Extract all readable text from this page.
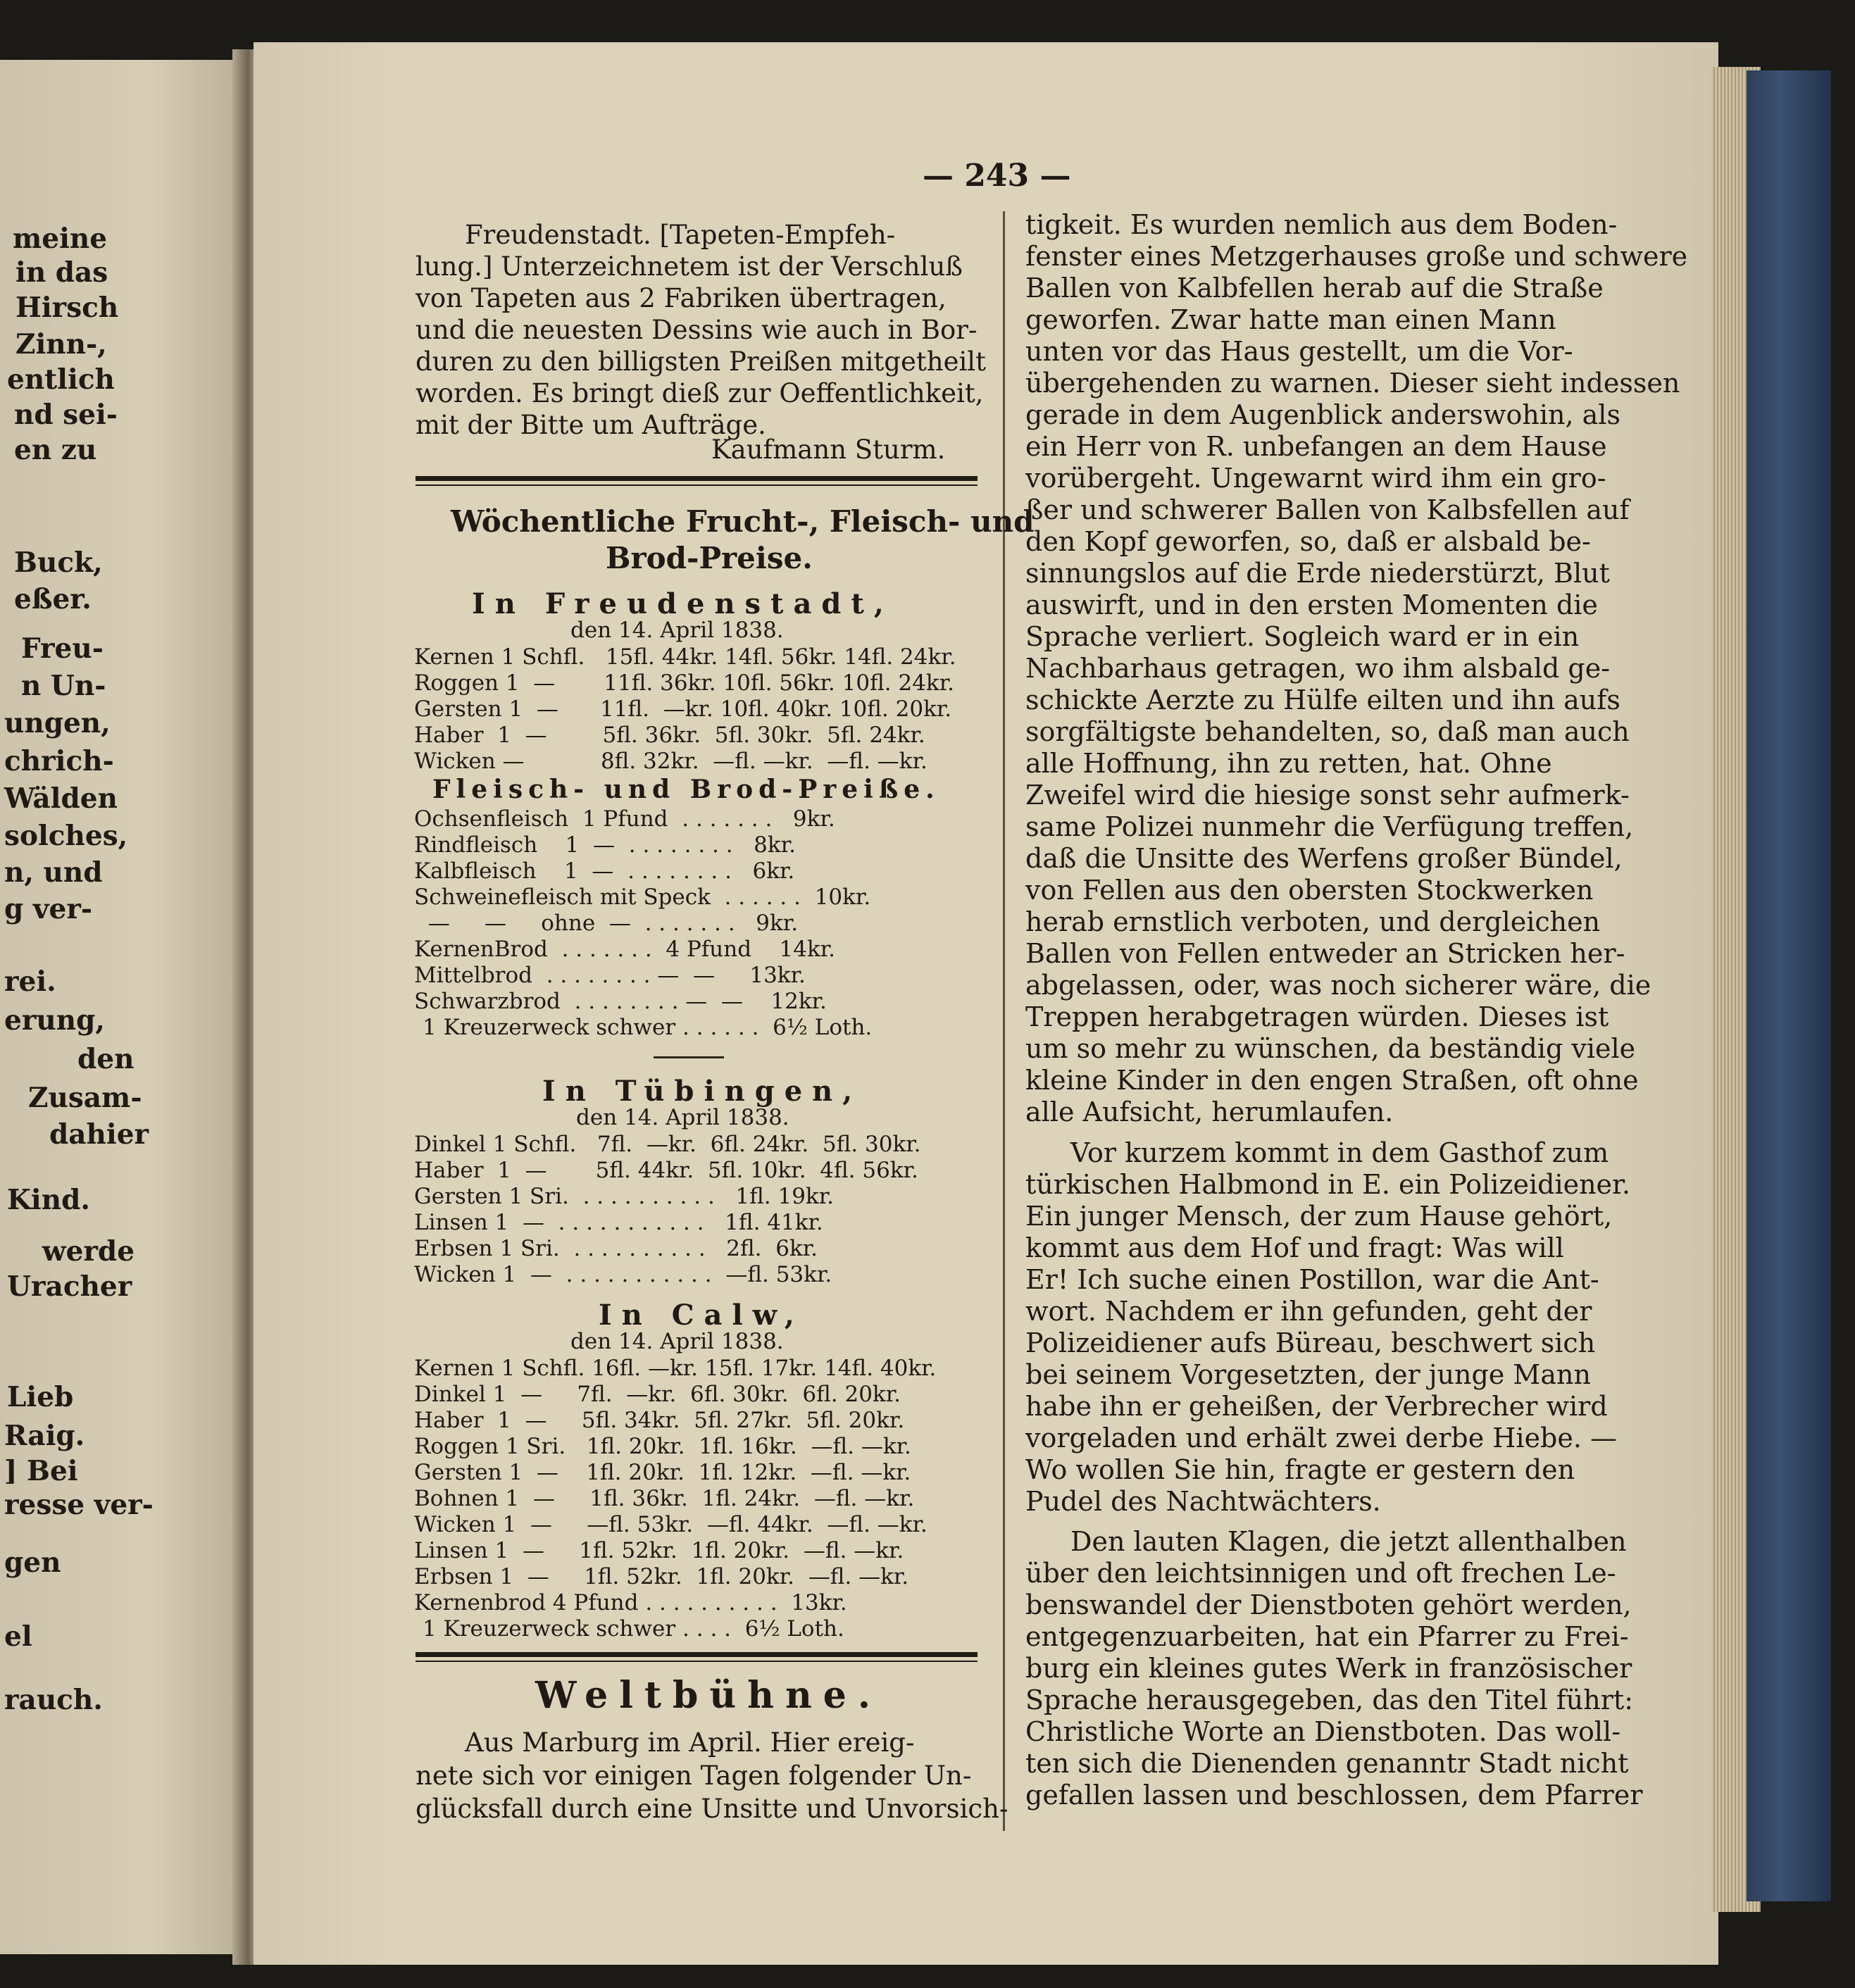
meine
in das
Hirsch
Zinn-,
entlich
nd sei-
en zu
Buck,
eßer.
Freu-
n Un-
ungen,
chrich-
Wälden
solches,
n, und
g ver-
rei.
erung,
den
Zusam-
dahier
Kind.
werde
Uracher
Lieb
Raig.
] Bei
resse ver-
gen
el
rauch.
— 243 —
Freudenstadt. [Tapeten-Empfeh-
lung.] Unterzeichnetem ist der Verschluß
von Tapeten aus 2 Fabriken übertragen,
und die neuesten Dessins wie auch in Bor-
duren zu den billigsten Preißen mitgetheilt
worden. Es bringt dieß zur Oeffentlichkeit,
mit der Bitte um Aufträge.
Kaufmann Sturm.
Wöchentliche Frucht-, Fleisch- und
Brod-Preise.
In Freudenstadt,
den 14. April 1838.
Kernen 1 Schfl.   15fl. 44kr. 14fl. 56kr. 14fl. 24kr.
Roggen 1  —       11fl. 36kr. 10fl. 56kr. 10fl. 24kr.
Gersten 1  —      11fl.  —kr. 10fl. 40kr. 10fl. 20kr.
Haber  1  —        5fl. 36kr.  5fl. 30kr.  5fl. 24kr.
Wicken —           8fl. 32kr.  —fl. —kr.  —fl. —kr.
Fleisch- und Brod-Preiße.
Ochsenfleisch  1 Pfund  . . . . . . .   9kr.
Rindfleisch    1  —  . . . . . . . .   8kr.
Kalbfleisch    1  —  . . . . . . . .   6kr.
Schweinefleisch mit Speck  . . . . . .  10kr.
—     —     ohne  —  . . . . . . .   9kr.
KernenBrod  . . . . . . .  4 Pfund    14kr.
Mittelbrod  . . . . . . . . —  —     13kr.
Schwarzbrod  . . . . . . . . —  —    12kr.
1 Kreuzerweck schwer . . . . . .  6½ Loth.
In Tübingen,
den 14. April 1838.
Dinkel 1 Schfl.   7fl.  —kr.  6fl. 24kr.  5fl. 30kr.
Haber  1  —       5fl. 44kr.  5fl. 10kr.  4fl. 56kr.
Gersten 1 Sri.  . . . . . . . . . .   1fl. 19kr.
Linsen 1  —  . . . . . . . . . . .   1fl. 41kr.
Erbsen 1 Sri.  . . . . . . . . . .   2fl.  6kr.
Wicken 1  —  . . . . . . . . . . .  —fl. 53kr.
In Calw,
den 14. April 1838.
Kernen 1 Schfl. 16fl. —kr. 15fl. 17kr. 14fl. 40kr.
Dinkel 1  —     7fl.  —kr.  6fl. 30kr.  6fl. 20kr.
Haber  1  —     5fl. 34kr.  5fl. 27kr.  5fl. 20kr.
Roggen 1 Sri.   1fl. 20kr.  1fl. 16kr.  —fl. —kr.
Gersten 1  —    1fl. 20kr.  1fl. 12kr.  —fl. —kr.
Bohnen 1  —     1fl. 36kr.  1fl. 24kr.  —fl. —kr.
Wicken 1  —     —fl. 53kr.  —fl. 44kr.  —fl. —kr.
Linsen 1  —     1fl. 52kr.  1fl. 20kr.  —fl. —kr.
Erbsen 1  —     1fl. 52kr.  1fl. 20kr.  —fl. —kr.
Kernenbrod 4 Pfund . . . . . . . . . .  13kr.
1 Kreuzerweck schwer . . . .  6½ Loth.
Weltbühne.
Aus Marburg im April. Hier ereig-
nete sich vor einigen Tagen folgender Un-
glücksfall durch eine Unsitte und Unvorsich-
tigkeit. Es wurden nemlich aus dem Boden-
fenster eines Metzgerhauses große und schwere
Ballen von Kalbfellen herab auf die Straße
geworfen. Zwar hatte man einen Mann
unten vor das Haus gestellt, um die Vor-
übergehenden zu warnen. Dieser sieht indessen
gerade in dem Augenblick anderswohin, als
ein Herr von R. unbefangen an dem Hause
vorübergeht. Ungewarnt wird ihm ein gro-
ßer und schwerer Ballen von Kalbsfellen auf
den Kopf geworfen, so, daß er alsbald be-
sinnungslos auf die Erde niederstürzt, Blut
auswirft, und in den ersten Momenten die
Sprache verliert. Sogleich ward er in ein
Nachbarhaus getragen, wo ihm alsbald ge-
schickte Aerzte zu Hülfe eilten und ihn aufs
sorgfältigste behandelten, so, daß man auch
alle Hoffnung, ihn zu retten, hat. Ohne
Zweifel wird die hiesige sonst sehr aufmerk-
same Polizei nunmehr die Verfügung treffen,
daß die Unsitte des Werfens großer Bündel,
von Fellen aus den obersten Stockwerken
herab ernstlich verboten, und dergleichen
Ballen von Fellen entweder an Stricken her-
abgelassen, oder, was noch sicherer wäre, die
Treppen herabgetragen würden. Dieses ist
um so mehr zu wünschen, da beständig viele
kleine Kinder in den engen Straßen, oft ohne
alle Aufsicht, herumlaufen.
Vor kurzem kommt in dem Gasthof zum
türkischen Halbmond in E. ein Polizeidiener.
Ein junger Mensch, der zum Hause gehört,
kommt aus dem Hof und fragt: Was will
Er! Ich suche einen Postillon, war die Ant-
wort. Nachdem er ihn gefunden, geht der
Polizeidiener aufs Büreau, beschwert sich
bei seinem Vorgesetzten, der junge Mann
habe ihn er geheißen, der Verbrecher wird
vorgeladen und erhält zwei derbe Hiebe. —
Wo wollen Sie hin, fragte er gestern den
Pudel des Nachtwächters.
Den lauten Klagen, die jetzt allenthalben
über den leichtsinnigen und oft frechen Le-
benswandel der Dienstboten gehört werden,
entgegenzuarbeiten, hat ein Pfarrer zu Frei-
burg ein kleines gutes Werk in französischer
Sprache herausgegeben, das den Titel führt:
Christliche Worte an Dienstboten. Das woll-
ten sich die Dienenden genanntr Stadt nicht
gefallen lassen und beschlossen, dem Pfarrer
